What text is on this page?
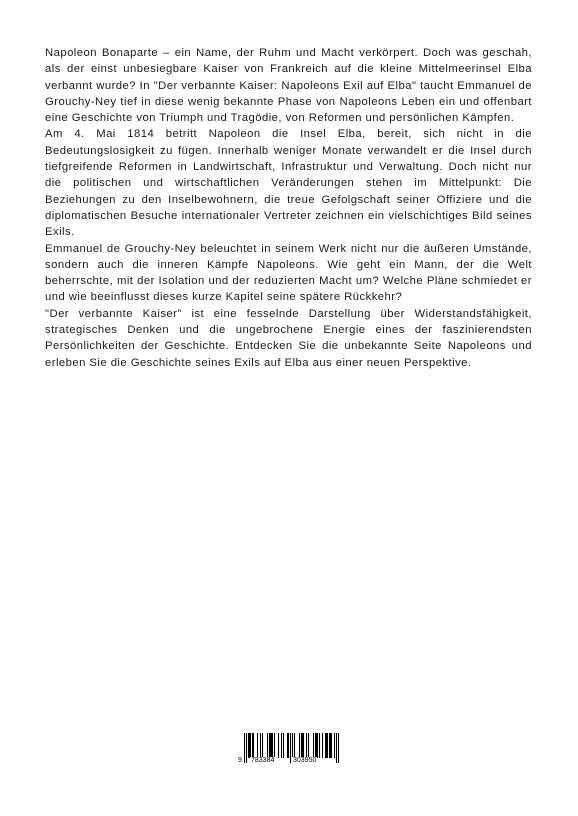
Napoleon Bonaparte – ein Name, der Ruhm und Macht verkörpert. Doch was geschah, als der einst unbesiegbare Kaiser von Frankreich auf die kleine Mittelmeerinsel Elba verbannt wurde? In "Der verbannte Kaiser: Napoleons Exil auf Elba" taucht Emmanuel de Grouchy-Ney tief in diese wenig bekannte Phase von Napoleons Leben ein und offenbart eine Geschichte von Triumph und Tragödie, von Reformen und persönlichen Kämpfen.

Am 4. Mai 1814 betritt Napoleon die Insel Elba, bereit, sich nicht in die Bedeutungslosigkeit zu fügen. Innerhalb weniger Monate verwandelt er die Insel durch tiefgreifende Reformen in Landwirtschaft, Infrastruktur und Verwaltung. Doch nicht nur die politischen und wirtschaftlichen Veränderungen stehen im Mittelpunkt: Die Beziehungen zu den Inselbewohnern, die treue Gefolgschaft seiner Offiziere und die diplomatischen Besuche internationaler Vertreter zeichnen ein vielschichtiges Bild seines Exils.

Emmanuel de Grouchy-Ney beleuchtet in seinem Werk nicht nur die äußeren Umstände, sondern auch die inneren Kämpfe Napoleons. Wie geht ein Mann, der die Welt beherrschte, mit der Isolation und der reduzierten Macht um? Welche Pläne schmiedet er und wie beeinflusst dieses kurze Kapitel seine spätere Rückkehr?

"Der verbannte Kaiser" ist eine fesselnde Darstellung über Widerstandsfähigkeit, strategisches Denken und die ungebrochene Energie eines der faszinierendsten Persönlichkeiten der Geschichte. Entdecken Sie die unbekannte Seite Napoleons und erleben Sie die Geschichte seines Exils auf Elba aus einer neuen Perspektive.

9 783384	303950
